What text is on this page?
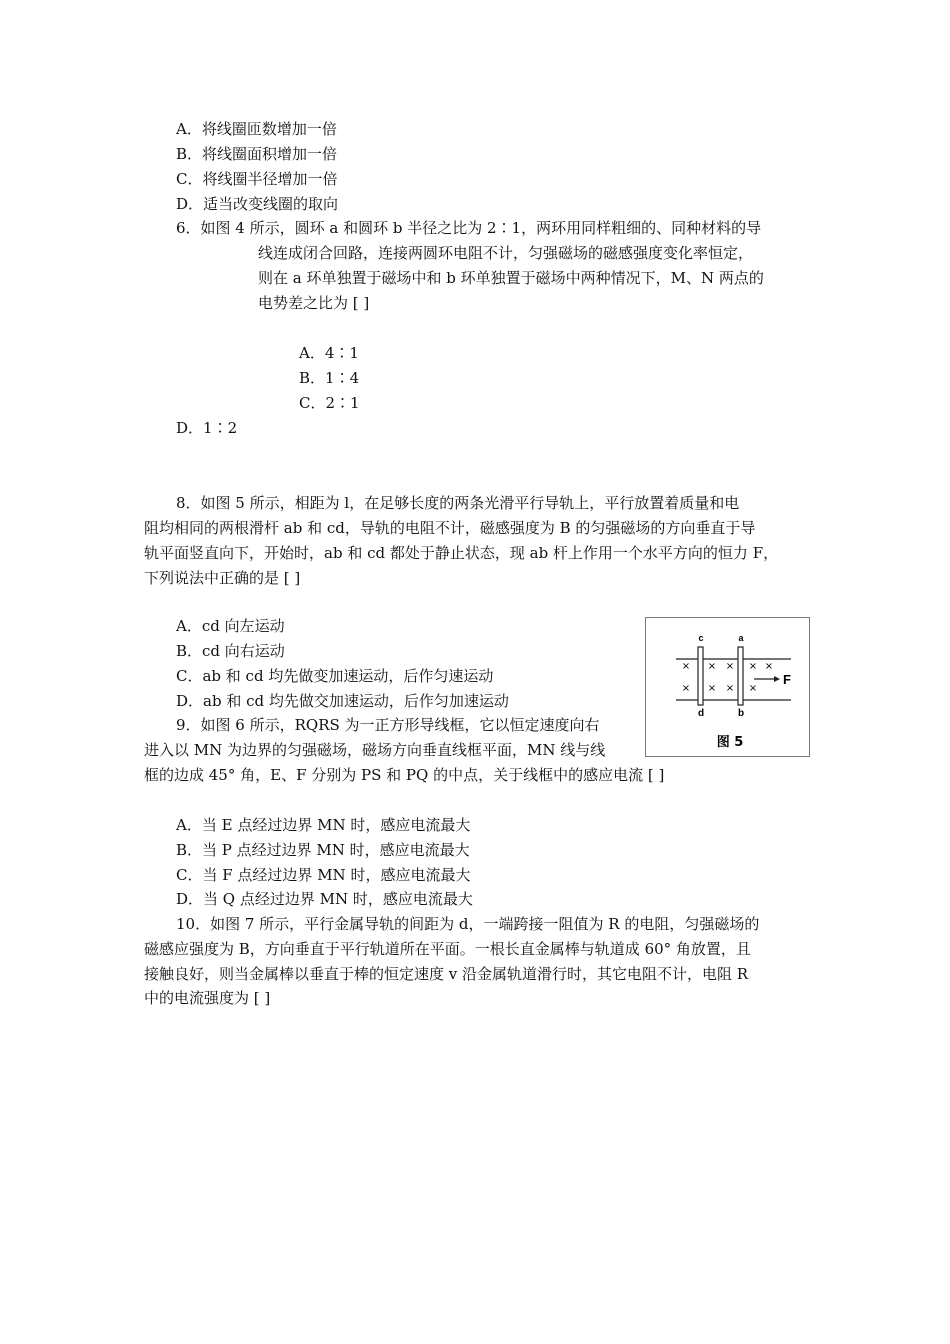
A．将线圈匝数增加一倍
B．将线圈面积增加一倍
C．将线圈半径增加一倍
D．适当改变线圈的取向
6．如图 4 所示，圆环 a 和圆环 b 半径之比为 2∶1，两环用同样粗细的、同种材料的导
线连成闭合回路，连接两圆环电阻不计，匀强磁场的磁感强度变化率恒定，
则在 a 环单独置于磁场中和 b 环单独置于磁场中两种情况下，M、N 两点的
电势差之比为 [ ]
A．4∶1
B．1∶4
C．2∶1
D．1∶2
8．如图 5 所示，相距为 l，在足够长度的两条光滑平行导轨上，平行放置着质量和电
阻均相同的两根滑杆 ab 和 cd，导轨的电阻不计，磁感强度为 B 的匀强磁场的方向垂直于导
轨平面竖直向下，开始时，ab 和 cd 都处于静止状态，现 ab 杆上作用一个水平方向的恒力 F，
下列说法中正确的是 [ ]
A．cd 向左运动
B．cd 向右运动
C．ab 和 cd 均先做变加速运动，后作匀速运动
D．ab 和 cd 均先做交加速运动，后作匀加速运动
9．如图 6 所示，RQRS 为一正方形导线框，它以恒定速度向右
进入以 MN 为边界的匀强磁场，磁场方向垂直线框平面，MN 线与线
框的边成 45° 角，E、F 分别为 PS 和 PQ 的中点，关于线框中的感应电流 [ ]
A．当 E 点经过边界 MN 时，感应电流最大
B．当 P 点经过边界 MN 时，感应电流最大
C．当 F 点经过边界 MN 时，感应电流最大
D．当 Q 点经过边界 MN 时，感应电流最大
10．如图 7 所示，平行金属导轨的间距为 d，一端跨接一阻值为 R 的电阻，匀强磁场的
磁感应强度为 B，方向垂直于平行轨道所在平面。一根长直金属棒与轨道成 60° 角放置，且
接触良好，则当金属棒以垂直于棒的恒定速度 v 沿金属轨道滑行时，其它电阻不计，电阻 R
中的电流强度为 [ ]
c	a
d	b
× × × × ×
× × × ×
F
图 5
